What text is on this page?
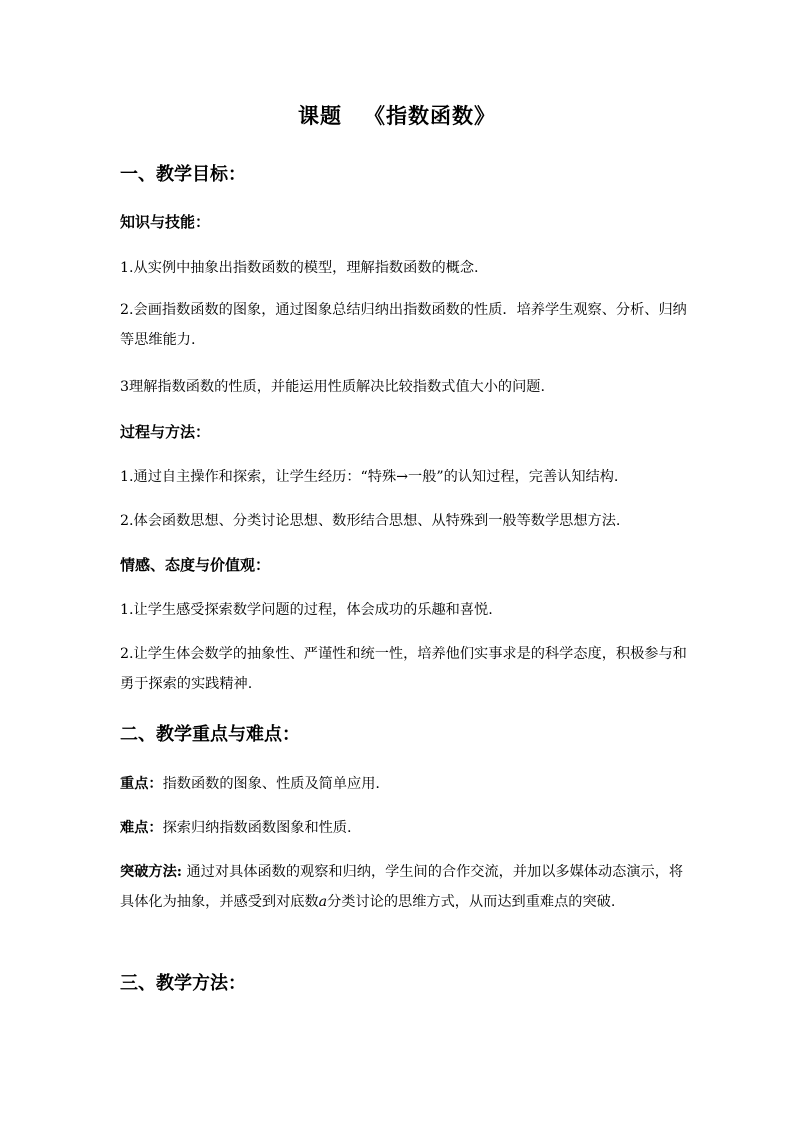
课题 《指数函数》
一、教学目标：
知识与技能：
1.从实例中抽象出指数函数的模型，理解指数函数的概念.
2.会画指数函数的图象，通过图象总结归纳出指数函数的性质．培养学生观察、分析、归纳等思维能力.
3理解指数函数的性质，并能运用性质解决比较指数式值大小的问题.
过程与方法：
1.通过自主操作和探索，让学生经历：“特殊→一般”的认知过程，完善认知结构.
2.体会函数思想、分类讨论思想、数形结合思想、从特殊到一般等数学思想方法.
情感、态度与价值观：
1.让学生感受探索数学问题的过程，体会成功的乐趣和喜悦.
2.让学生体会数学的抽象性、严谨性和统一性，培养他们实事求是的科学态度，积极参与和勇于探索的实践精神.
二、教学重点与难点：
重点：指数函数的图象、性质及简单应用.
难点：探索归纳指数函数图象和性质.
突破方法: 通过对具体函数的观察和归纳，学生间的合作交流，并加以多媒体动态演示，将具体化为抽象，并感受到对底数a分类讨论的思维方式，从而达到重难点的突破.
三、教学方法：
